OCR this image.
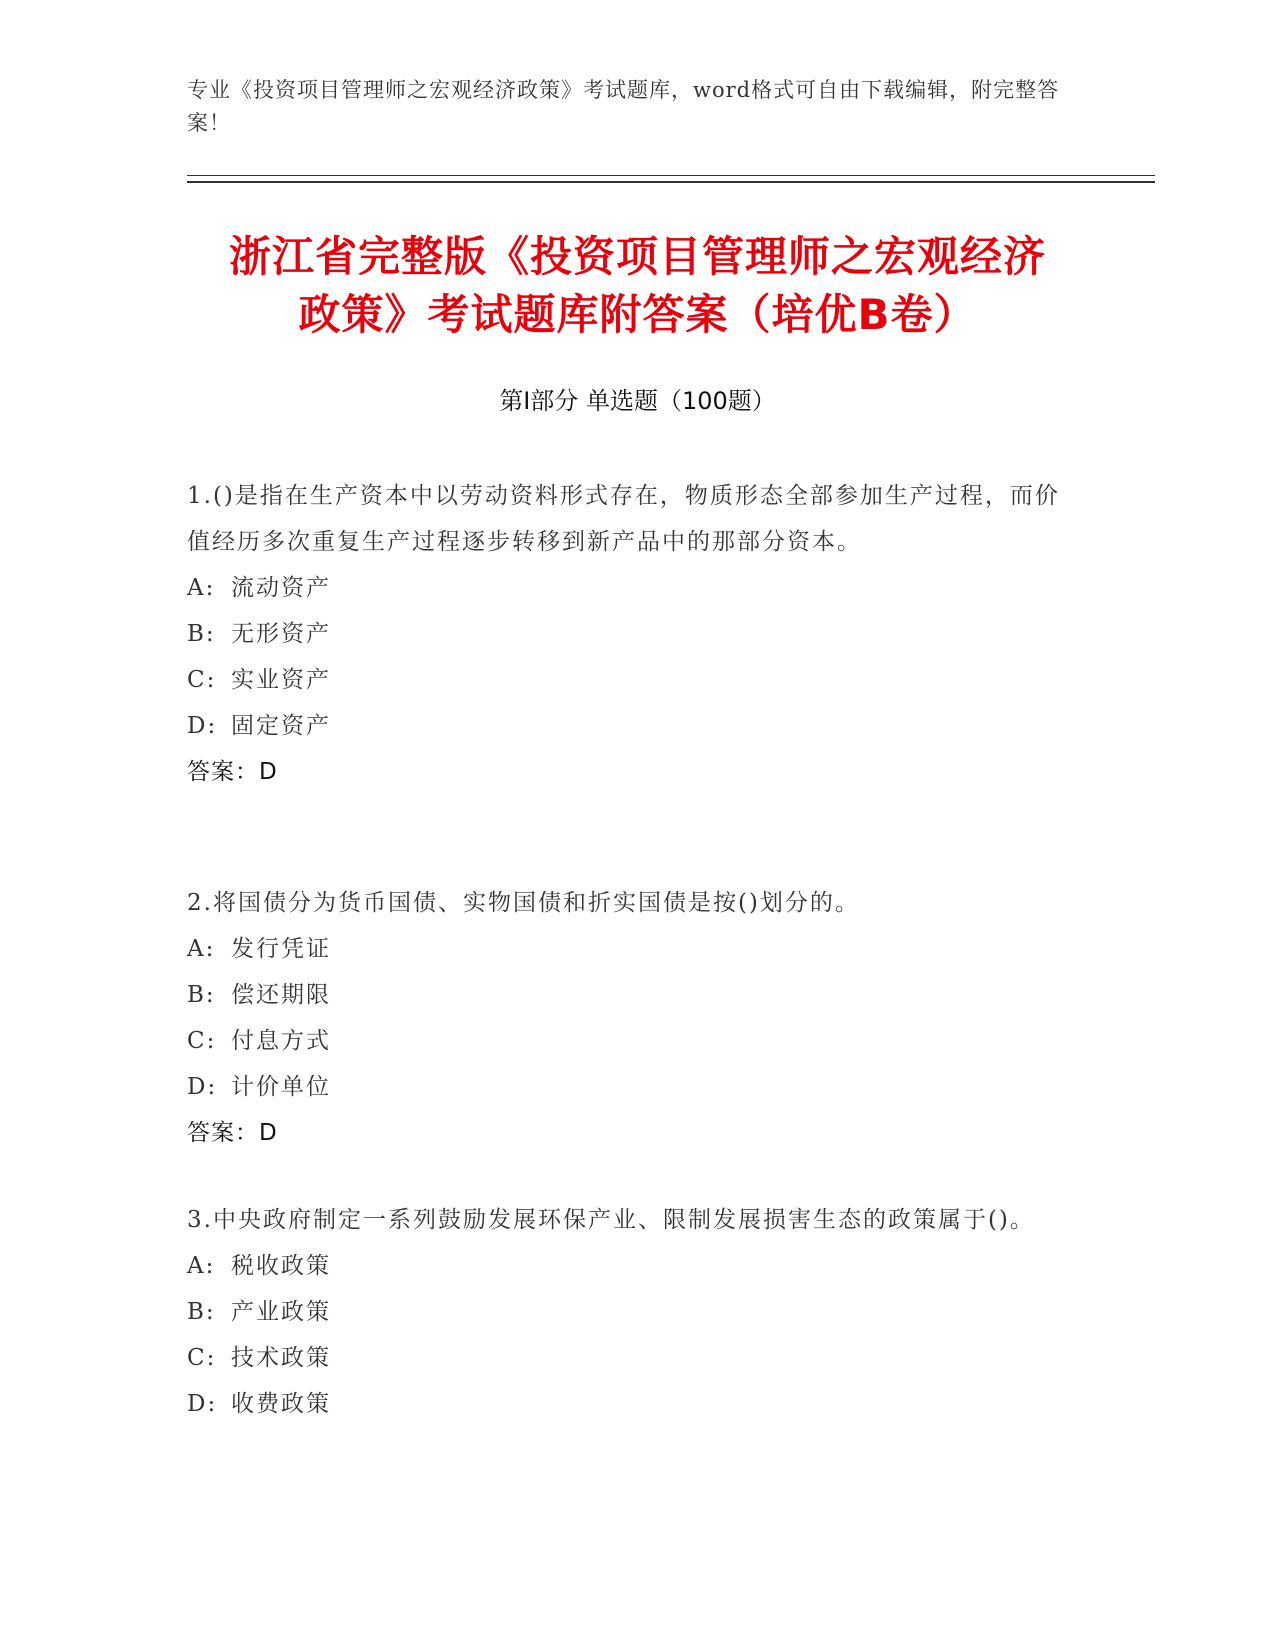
专业《投资项目管理师之宏观经济政策》考试题库，word格式可自由下载编辑，附完整答案！
浙江省完整版《投资项目管理师之宏观经济
政策》考试题库附答案（培优B卷）
第I部分 单选题（100题）
1.()是指在生产资本中以劳动资料形式存在，物质形态全部参加生产过程，而价值经历多次重复生产过程逐步转移到新产品中的那部分资本。
A: 流动资产
B: 无形资产
C: 实业资产
D: 固定资产
答案：D
2.将国债分为货币国债、实物国债和折实国债是按()划分的。
A: 发行凭证
B: 偿还期限
C: 付息方式
D: 计价单位
答案：D
3.中央政府制定一系列鼓励发展环保产业、限制发展损害生态的政策属于()。
A: 税收政策
B: 产业政策
C: 技术政策
D: 收费政策
